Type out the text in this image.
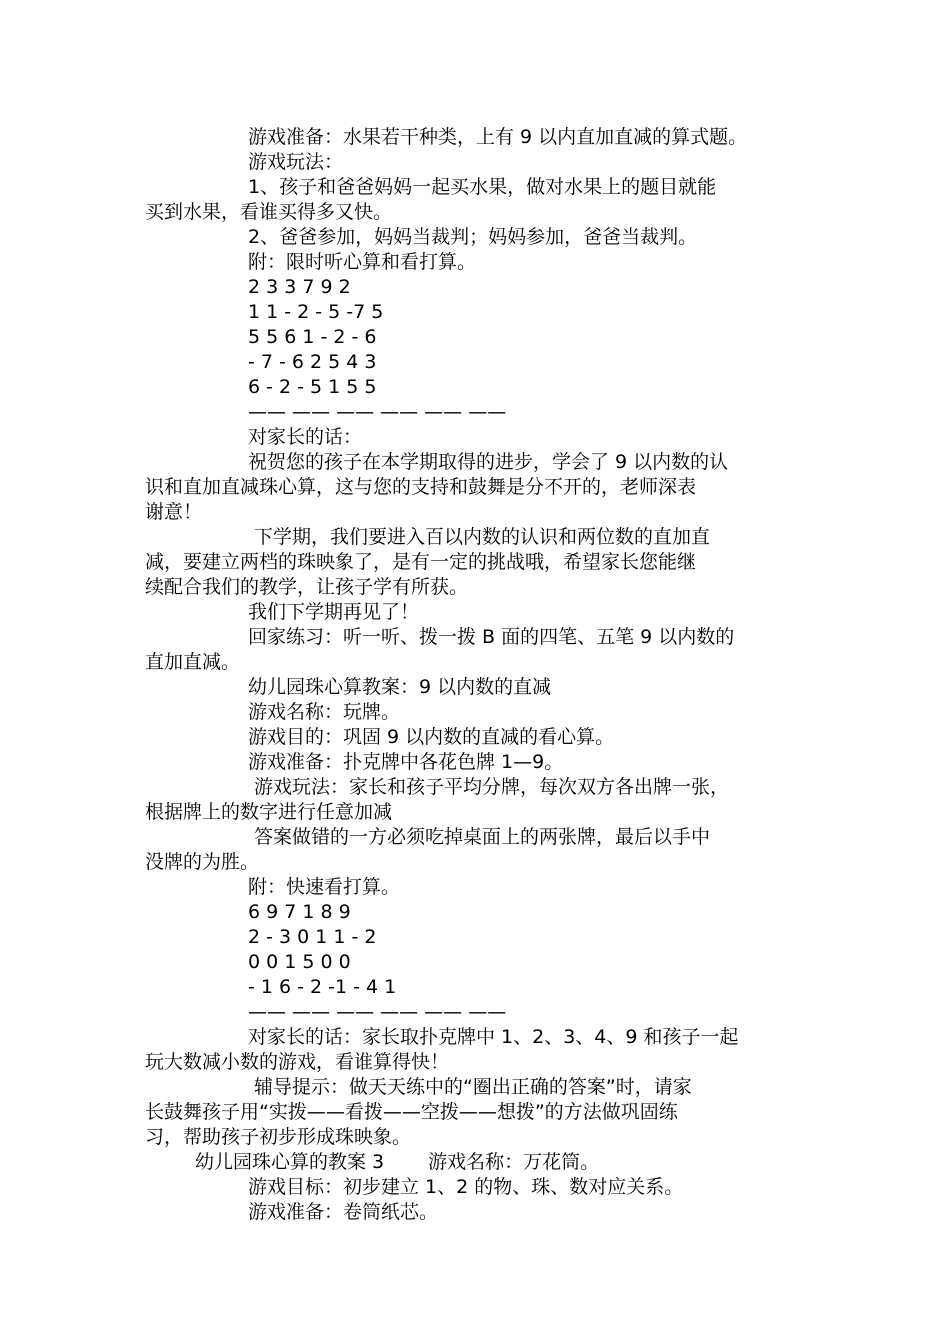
游戏准备：水果若干种类，上有 9 以内直加直减的算式题。
游戏玩法：
1、孩子和爸爸妈妈一起买水果，做对水果上的题目就能
买到水果，看谁买得多又快。
2、爸爸参加，妈妈当裁判；妈妈参加，爸爸当裁判。
附：限时听心算和看打算。
2 3 3 7 9 2
1 1 - 2 - 5 -7 5
5 5 6 1 - 2 - 6
- 7 - 6 2 5 4 3
6 - 2 - 5 1 5 5
—— —— —— —— —— ——
对家长的话：
祝贺您的孩子在本学期取得的进步，学会了 9 以内数的认
识和直加直减珠心算，这与您的支持和鼓舞是分不开的，老师深表
谢意！
下学期，我们要进入百以内数的认识和两位数的直加直
减，要建立两档的珠映象了，是有一定的挑战哦，希望家长您能继
续配合我们的教学，让孩子学有所获。
我们下学期再见了！
回家练习：听一听、拨一拨 B 面的四笔、五笔 9 以内数的
直加直减。
幼儿园珠心算教案：9 以内数的直减
游戏名称：玩牌。
游戏目的：巩固 9 以内数的直减的看心算。
游戏准备：扑克牌中各花色牌 1—9。
游戏玩法：家长和孩子平均分牌，每次双方各出牌一张，
根据牌上的数字进行任意加减
答案做错的一方必须吃掉桌面上的两张牌，最后以手中
没牌的为胜。
附：快速看打算。
6 9 7 1 8 9
2 - 3 0 1 1 - 2
0 0 1 5 0 0
- 1 6 - 2 -1 - 4 1
—— —— —— —— —— ——
对家长的话：家长取扑克牌中 1、2、3、4、9 和孩子一起
玩大数减小数的游戏，看谁算得快！
辅导提示：做天天练中的“圈出正确的答案”时，请家
长鼓舞孩子用“实拨——看拨——空拨——想拨”的方法做巩固练
习，帮助孩子初步形成珠映象。
幼儿园珠心算的教案 3　　 游戏名称：万花筒。
游戏目标：初步建立 1、2 的物、珠、数对应关系。
游戏准备：卷筒纸芯。
